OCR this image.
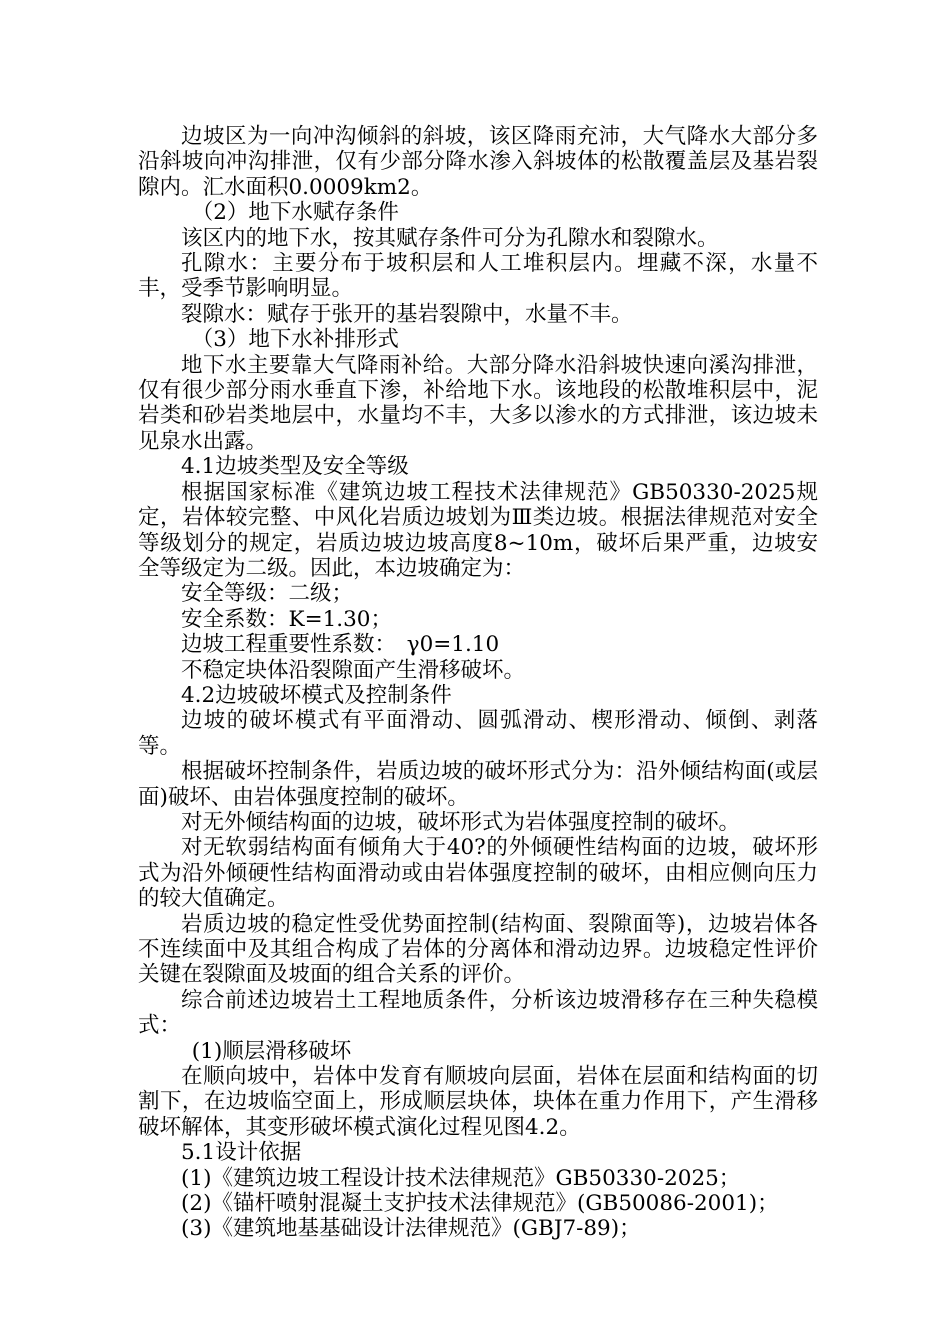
边坡区为一向冲沟倾斜的斜坡，该区降雨充沛，大气降水大部分多沿斜坡向冲沟排泄，仅有少部分降水渗入斜坡体的松散覆盖层及基岩裂隙内。汇水面积0.0009km2。

（2）地下水赋存条件

该区内的地下水，按其赋存条件可分为孔隙水和裂隙水。

孔隙水：主要分布于坡积层和人工堆积层内。埋藏不深，水量不丰，受季节影响明显。

裂隙水：赋存于张开的基岩裂隙中，水量不丰。

（3）地下水补排形式

地下水主要靠大气降雨补给。大部分降水沿斜坡快速向溪沟排泄，仅有很少部分雨水垂直下渗，补给地下水。该地段的松散堆积层中，泥岩类和砂岩类地层中，水量均不丰，大多以渗水的方式排泄，该边坡未见泉水出露。

4.1边坡类型及安全等级

根据国家标准《建筑边坡工程技术法律规范》GB50330-2025规定，岩体较完整、中风化岩质边坡划为Ⅲ类边坡。根据法律规范对安全等级划分的规定，岩质边坡边坡高度8~10m，破坏后果严重，边坡安全等级定为二级。因此，本边坡确定为：

安全等级：二级；

安全系数：K=1.30；

边坡工程重要性系数：　γ0=1.10

不稳定块体沿裂隙面产生滑移破坏。

4.2边坡破坏模式及控制条件

边坡的破坏模式有平面滑动、圆弧滑动、楔形滑动、倾倒、剥落等。

根据破坏控制条件，岩质边坡的破坏形式分为：沿外倾结构面(或层面)破坏、由岩体强度控制的破坏。

对无外倾结构面的边坡，破坏形式为岩体强度控制的破坏。

对无软弱结构面有倾角大于40?的外倾硬性结构面的边坡，破坏形式为沿外倾硬性结构面滑动或由岩体强度控制的破坏，由相应侧向压力的较大值确定。

岩质边坡的稳定性受优势面控制(结构面、裂隙面等)，边坡岩体各不连续面中及其组合构成了岩体的分离体和滑动边界。边坡稳定性评价关键在裂隙面及坡面的组合关系的评价。

综合前述边坡岩土工程地质条件，分析该边坡滑移存在三种失稳模式：

(1)顺层滑移破坏

在顺向坡中，岩体中发育有顺坡向层面，岩体在层面和结构面的切割下，在边坡临空面上，形成顺层块体，块体在重力作用下，产生滑移破坏解体，其变形破坏模式演化过程见图4.2。

5.1设计依据

(1)《建筑边坡工程设计技术法律规范》GB50330-2025；

(2)《锚杆喷射混凝土支护技术法律规范》(GB50086-2001)；

(3)《建筑地基基础设计法律规范》(GBJ7-89)；
